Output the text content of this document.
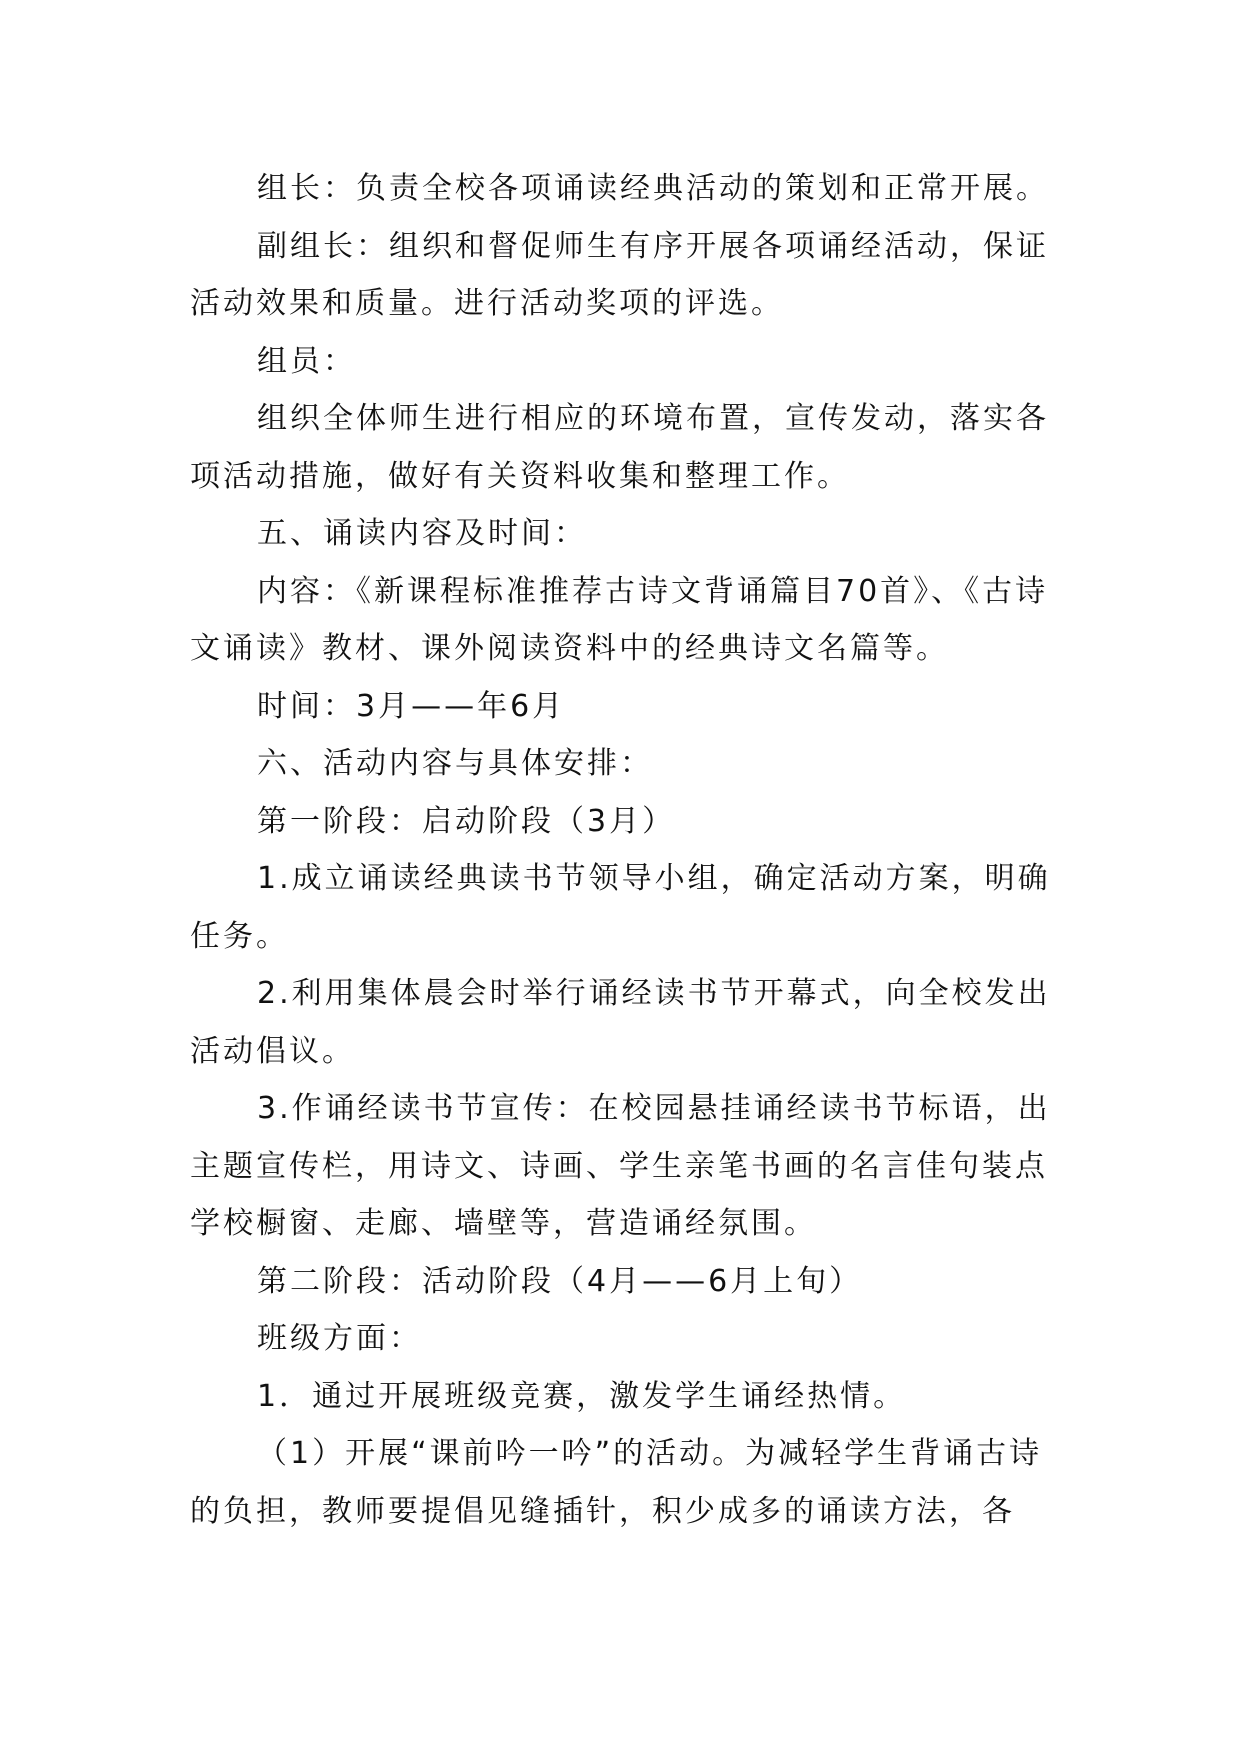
组长：负责全校各项诵读经典活动的策划和正常开展。

副组长：组织和督促师生有序开展各项诵经活动，保证活动效果和质量。进行活动奖项的评选。

组员：

组织全体师生进行相应的环境布置，宣传发动，落实各项活动措施，做好有关资料收集和整理工作。

五、诵读内容及时间：

内容：《新课程标准推荐古诗文背诵篇目70首》、《古诗文诵读》教材、课外阅读资料中的经典诗文名篇等。

时间：3月——年6月

六、活动内容与具体安排：

第一阶段：启动阶段（3月）

1.成立诵读经典读书节领导小组，确定活动方案，明确任务。

2.利用集体晨会时举行诵经读书节开幕式，向全校发出活动倡议。

3.作诵经读书节宣传：在校园悬挂诵经读书节标语，出主题宣传栏，用诗文、诗画、学生亲笔书画的名言佳句装点学校橱窗、走廊、墙壁等，营造诵经氛围。

第二阶段：活动阶段（4月——6月上旬）

班级方面：

1．通过开展班级竞赛，激发学生诵经热情。

（1）开展“课前吟一吟”的活动。为减轻学生背诵古诗的负担，教师要提倡见缝插针，积少成多的诵读方法，各
